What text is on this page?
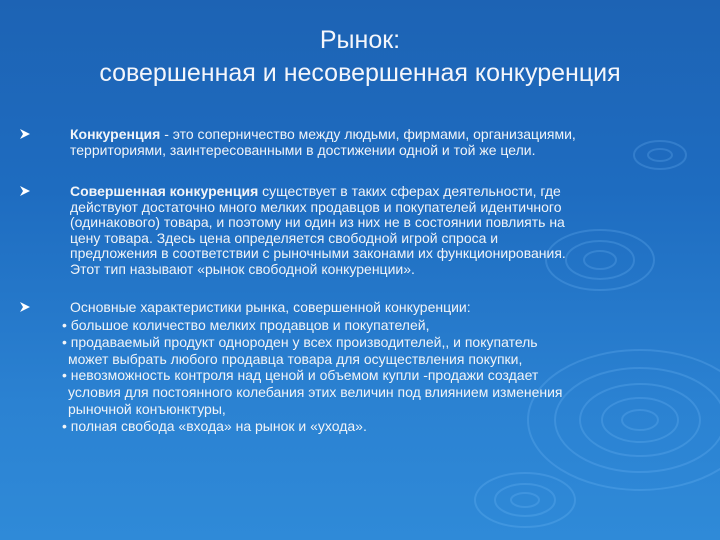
Рынок:
совершенная и несовершенная конкуренция
Конкуренция - это соперничество между людьми, фирмами, организациями,
территориями, заинтересованными в достижении одной и той же цели.
Совершенная конкуренция существует в таких сферах деятельности, где
действуют достаточно много мелких продавцов и покупателей идентичного
(одинакового) товара, и поэтому ни один из них не в состоянии повлиять на
цену товара. Здесь цена определяется свободной игрой спроса и
предложения в соответствии с рыночными законами их функционирования.
Этот тип называют «рынок свободной конкуренции».
Основные характеристики рынка, совершенной конкуренции:
• большое количество мелких продавцов и покупателей,
• продаваемый продукт однороден у всех производителей,, и покупатель
может выбрать любого продавца товара для осуществления покупки,
• невозможность контроля над ценой и объемом купли -продажи создает
условия для постоянного колебания этих величин под влиянием изменения
рыночной конъюнктуры,
• полная свобода «входа» на рынок и «ухода».
